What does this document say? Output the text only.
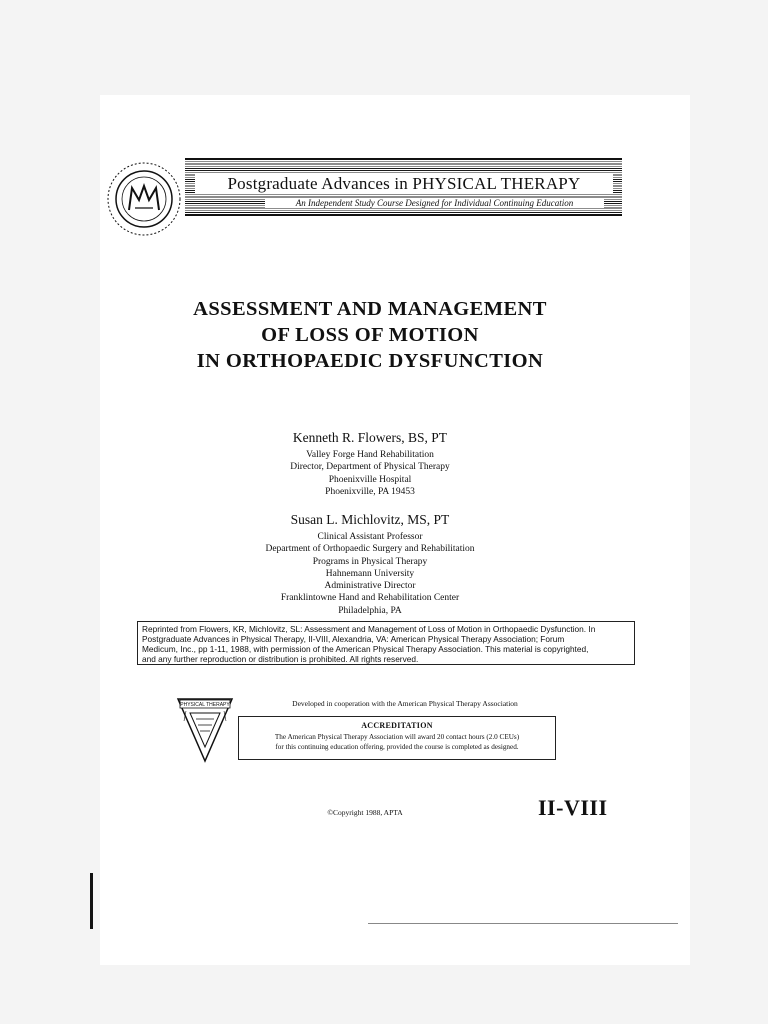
Postgraduate Advances in PHYSICAL THERAPY
An Independent Study Course Designed for Individual Continuing Education
ASSESSMENT AND MANAGEMENT
OF LOSS OF MOTION
IN ORTHOPAEDIC DYSFUNCTION
Kenneth R. Flowers, BS, PT
Valley Forge Hand Rehabilitation
Director, Department of Physical Therapy
Phoenixville Hospital
Phoenixville, PA 19453
Susan L. Michlovitz, MS, PT
Clinical Assistant Professor
Department of Orthopaedic Surgery and Rehabilitation
Programs in Physical Therapy
Hahnemann University
Administrative Director
Franklintowne Hand and Rehabilitation Center
Philadelphia, PA
Reprinted from Flowers, KR, Michlovitz, SL: Assessment and Management of Loss of Motion in Orthopaedic Dysfunction. In
Postgraduate Advances in Physical Therapy, II-VIII, Alexandria, VA: American Physical Therapy Association; Forum
Medicum, Inc., pp 1-11, 1988, with permission of the American Physical Therapy Association. This material is copyrighted,
and any further reproduction or distribution is prohibited. All rights reserved.
PHYSICAL THERAPY	Developed in cooperation with the American Physical Therapy Association
ACCREDITATION
The American Physical Therapy Association will award 20 contact hours (2.0 CEUs)
for this continuing education offering, provided the course is completed as designed.
©Copyright 1988, APTA	II-VIII
